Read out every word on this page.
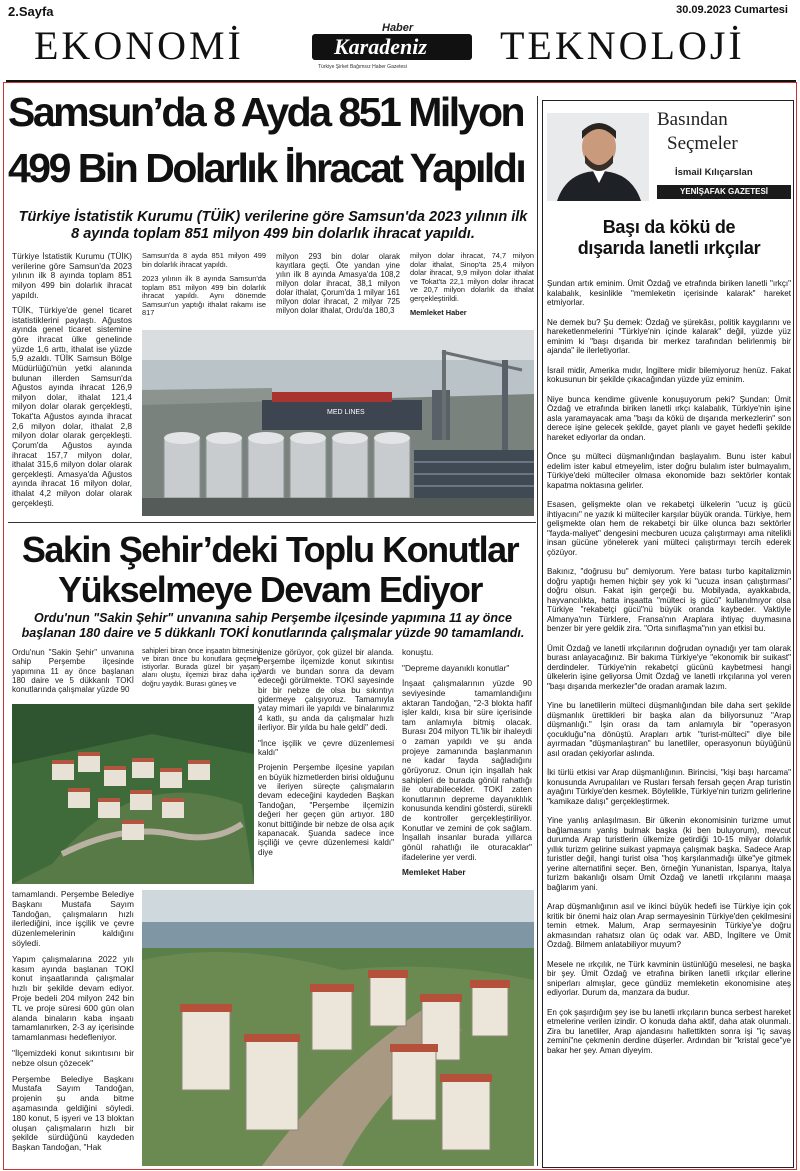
2.Sayfa	30.09.2023 Cumartesi
EKONOMİ	Haber
Karadeniz
Türkiye Şirket Bağımsız Haber Gazetesi TEKNOLOJİ
Samsun’da 8 Ayda 851 Milyon
499 Bin Dolarlık İhracat Yapıldı
Türkiye İstatistik Kurumu (TÜİK) verilerine göre Samsun'da 2023 yılının ilk 8 ayında toplam 851 milyon 499 bin dolarlık ihracat yapıldı.

Türkiye İstatistik Kurumu (TÜİK) verilerine göre Samsun'da 2023 yılının ilk 8 ayında toplam 851 milyon 499 bin dolarlık ihracat yapıldı.

TÜİK, Türkiye'de genel ticaret istatistiklerini paylaştı. Ağustos ayında genel ticaret sistemine göre ihracat ülke genelinde yüzde 1,6 arttı, ithalat ise yüzde 5,9 azaldı. TÜİK Samsun Bölge Müdürlüğü'nün yetki alanında bulunan illerden Samsun'da Ağustos ayında ihracat 126,9 milyon dolar, ithalat 121,4 milyon dolar olarak gerçekleşti, Tokat'ta Ağustos ayında ihracat 2,6 milyon dolar, ithalat 2,8 milyon dolar olarak gerçekleşti. Çorum'da Ağustos ayında ihracat 157,7 milyon dolar, ithalat 315,6 milyon dolar olarak gerçekleşti. Amasya'da Ağustos ayında ihracat 16 milyon dolar, ithalat 4,2 milyon dolar olarak gerçekleşti.

Samsun'da 8 ayda 851 milyon 499 bin dolarlık ihracat yapıldı.

2023 yılının ilk 8 ayında Samsun'da toplam 851 milyon 499 bin dolarlık ihracat yapıldı. Aynı dönemde Samsun'un yaptığı ithalat rakamı ise 817

milyon 293 bin dolar olarak kayıtlara geçti. Öte yandan yine yılın ilk 8 ayında Amasya'da 108,2 milyon dolar ihracat, 38,1 milyon dolar ithalat, Çorum'da 1 milyar 161 milyon dolar ihracat, 2 milyar 725 milyon dolar ithalat, Ordu'da 180,3

milyon dolar ihracat, 74,7 milyon dolar ithalat, Sinop'ta 25,4 milyon dolar ihracat, 9,9 milyon dolar ithalat ve Tokat'ta 22,1 milyon dolar ihracat ve 20,7 milyon dolarlık da ithalat gerçekleştirildi.

Memleket Haber

MED LINES
Sakin Şehir’deki Toplu Konutlar
Yükselmeye Devam Ediyor
Ordu'nun "Sakin Şehir" unvanına sahip Perşembe ilçesinde yapımına 11 ay önce başlanan 180 daire ve 5 dükkanlı TOKİ konutlarında çalışmalar yüzde 90 tamamlandı.

Ordu'nun "Sakin Şehir" unvanına sahip Perşembe ilçesinde yapımına 11 ay önce başlanan 180 daire ve 5 dükkanlı TOKİ konutlarında çalışmalar yüzde 90

sahipleri biran önce inşaatın bitmesini ve biran önce bu konutlara geçmek istiyorlar. Burada güzel bir yaşam alanı oluştu, ilçemizi biraz daha içe doğru yaydık. Burası güneş ve

denize görüyor, çok güzel bir alanda. Perşembe ilçemizde konut sıkıntısı vardı ve bundan sonra da devam edeceği görülmekte. TOKİ sayesinde bir bir nebze de olsa bu sıkıntıyı gidermeye çalışıyoruz. Tamamıyla yatay mimari ile yapıldı ve binalarımız 4 katlı, şu anda da çalışmalar hızlı ilerliyor. Bir yılda bu hale geldi" dedi.

"İnce işçilik ve çevre düzenlemesi kaldı"

Projenin Perşembe ilçesine yapılan en büyük hizmetlerden birisi olduğunu ve ileriyen süreçte çalışmaların devam edeceğini kaydeden Başkan Tandoğan, "Perşembe ilçemizin değeri her geçen gün artıyor. 180 konut bittiğinde bir nebze de olsa açık kapanacak. Şuanda sadece ince işçiliği ve çevre düzenlemesi kaldı" diye

konuştu.

"Depreme dayanıklı konutlar"

İnşaat çalışmalarının yüzde 90 seviyesinde tamamlandığını aktaran Tandoğan, "2-3 blokta hafif işler kaldı, kısa bir süre içerisinde tam anlamıyla bitmiş olacak. Burası 204 milyon TL'lik bir ihaleydi o zaman yapıldı ve şu anda projeye zamanında başlanmanın ne kadar fayda sağladığını görüyoruz. Onun için inşallah hak sahipleri de burada gönül rahatlığı ile oturabilecekler. TOKİ zaten konutlarının depreme dayanıklılık konusunda kendini gösterdi, sürekli de kontroller gerçekleştiriliyor. Konutlar ve zemini de çok sağlam. İnşallah insanlar burada yıllarca gönül rahatlığı ile oturacaklar" ifadelerine yer verdi.

Memleket Haber

tamamlandı. Perşembe Belediye Başkanı Mustafa Sayım Tandoğan, çalışmaların hızlı ilerlediğini, ince işçilik ve çevre düzenlemelerinin kaldığını söyledi.

Yapım çalışmalarına 2022 yılı kasım ayında başlanan TOKİ konut inşaatlarında çalışmalar hızlı bir şekilde devam ediyor. Proje bedeli 204 milyon 242 bin TL ve proje süresi 600 gün olan alanda binaların kaba inşaatı tamamlanırken, 2-3 ay içerisinde tamamlanması hedefleniyor.

"İlçemizdeki konut sıkıntısını bir nebze olsun çözecek"

Perşembe Belediye Başkanı Mustafa Sayım Tandoğan, projenin şu anda bitme aşamasında geldiğini söyledi. 180 konut, 5 işyeri ve 13 bloktan oluşan çalışmaların hızlı bir şekilde sürdüğünü kaydeden Başkan Tandoğan, "Hak

Basından
Seçmeler
İsmail Kılıçarslan
YENİŞAFAK GAZETESİ
Başı da kökü de
dışarıda lanetli ırkçılar

Şundan artık eminim. Ümit Özdağ ve etrafında biriken lanetli "ırkçı" kalabalık, kesinlikle "memleketin içerisinde kalarak" hareket etmiyorlar.

Ne demek bu? Şu demek: Özdağ ve şürekâsı, politik kaygılarını ve hareketlenmelerini "Türkiye'nin içinde kalarak" değil, yüzde yüz eminim ki "başı dışarıda bir merkez tarafından belirlenmiş bir ajanda" ile ilerletiyorlar.

İsrail midir, Amerika mıdır, İngiltere midir bilemiyoruz henüz. Fakat kokusunun bir şekilde çıkacağından yüzde yüz eminim.

Niye bunca kendime güvenle konuşuyorum peki? Şundan: Ümit Özdağ ve etrafında biriken lanetli ırkçı kalabalık, Türkiye'nin işine asla yaramayacak ama "başı da kökü de dışarıda merkezlerin" son derece işine gelecek şekilde, gayet planlı ve gayet hedefli şekilde hareket ediyorlar da ondan.

Önce şu mülteci düşmanlığından başlayalım. Bunu ister kabul edelim ister kabul etmeyelim, ister doğru bulalım ister bulmayalım, Türkiye'deki mülteciler olmasa ekonomide bazı sektörler kontak kapatma noktasına gelirler.

Esasen, gelişmekte olan ve rekabetçi ülkelerin "ucuz iş gücü ihtiyacını" ne yazık ki mülteciler karşılar büyük oranda. Türkiye, hem gelişmekte olan hem de rekabetçi bir ülke olunca bazı sektörler "fayda-maliyet" dengesini mecburen ucuza çalıştırmayı ama nitelikli insan gücüne yönelerek yani mülteci çalıştırmayı tercih ederek çözüyor.

Bakınız, "doğrusu bu" demiyorum. Yere batası turbo kapitalizmin doğru yaptığı hemen hiçbir şey yok ki "ucuza insan çalıştırması" doğru olsun. Fakat işin gerçeği bu. Mobilyada, ayakkabıda, hayvancılıkta, hatta inşaatta "mülteci iş gücü" kullanılmıyor olsa Türkiye "rekabetçi gücü"nü büyük oranda kaybeder. Vaktiyle Almanya'nın Türklere, Fransa'nın Araplara ihtiyaç duymasına benzer bir yere geldik zira. "Orta sınıflaşma"nın yan etkisi bu.

Ümit Özdağ ve lanetli ırkçılarının doğrudan oynadığı yer tam olarak burası anlayacağınız. Bir bakıma Türkiye'ye "ekonomik bir suikast" derdindeler. Türkiye'nin rekabetçi gücünü kaybetmesi hangi ülkelerin işine geliyorsa Ümit Özdağ ve lanetli ırkçılarına yol veren "başı dışarıda merkezler"de oradan aramak lazım.

Yine bu lanetlilerin mülteci düşmanlığından bile daha sert şekilde düşmanlık ürettikleri bir başka alan da biliyorsunuz "Arap düşmanlığı." İşin orası da tam anlamıyla bir "operasyon çocukluğu"na dönüştü. Arapları artık "turist-mülteci" diye bile ayırmadan "düşmanlaştıran" bu lanetliler, operasyonun büyüğünü asıl oradan çekiyorlar aslında.

İki türlü etkisi var Arap düşmanlığının. Birincisi, "kişi başı harcama" konusunda Avrupalıları ve Rusları fersah fersah geçen Arap turistin ayağını Türkiye'den kesmek. Böylelikle, Türkiye'nin turizm gelirlerine "kamikaze dalışı" gerçekleştirmek.

Yine yanlış anlaşılmasın. Bir ülkenin ekonomisinin turizme umut bağlamasını yanlış bulmak başka (ki ben buluyorum), mevcut durumda Arap turistlerin ülkemize getirdiği 10-15 milyar dolarlık yıllık turizm gelirine suikast yapmaya çalışmak başka. Sadece Arap turistler değil, hangi turist olsa "hoş karşılanmadığı ülke"ye gitmek yerine alternatifini seçer. Ben, örneğin Yunanistan, İspanya, İtalya turizm bakanlığı olsam Ümit Özdağ ve lanetli ırkçılarını maaşa bağlarım yani.

Arap düşmanlığının asıl ve ikinci büyük hedefi ise Türkiye için çok kritik bir önemi haiz olan Arap sermayesinin Türkiye'den çekilmesini temin etmek. Malum, Arap sermayesinin Türkiye'ye doğru akmasından rahatsız olan üç odak var. ABD, İngiltere ve Ümit Özdağ. Bilmem anlatabiliyor muyum?

Mesele ne ırkçılık, ne Türk kavminin üstünlüğü meselesi, ne başka bir şey. Ümit Özdağ ve etrafına biriken lanetli ırkçılar ellerine sniperları almışlar, gece gündüz memleketin ekonomisine ateş ediyorlar. Durum da, manzara da budur.

En çok şaşırdığım şey ise bu lanetli ırkçıların bunca serbest hareket etmelerine verilen izindir. O konuda daha aktif, daha atak olunmalı. Zira bu lanetliler, Arap ajandasını hallettikten sonra işi "iç savaş zemini"ne çekmenin derdine düşerler. Ardından bir "kristal gece"ye bakar her şey. Aman diyeyim.
